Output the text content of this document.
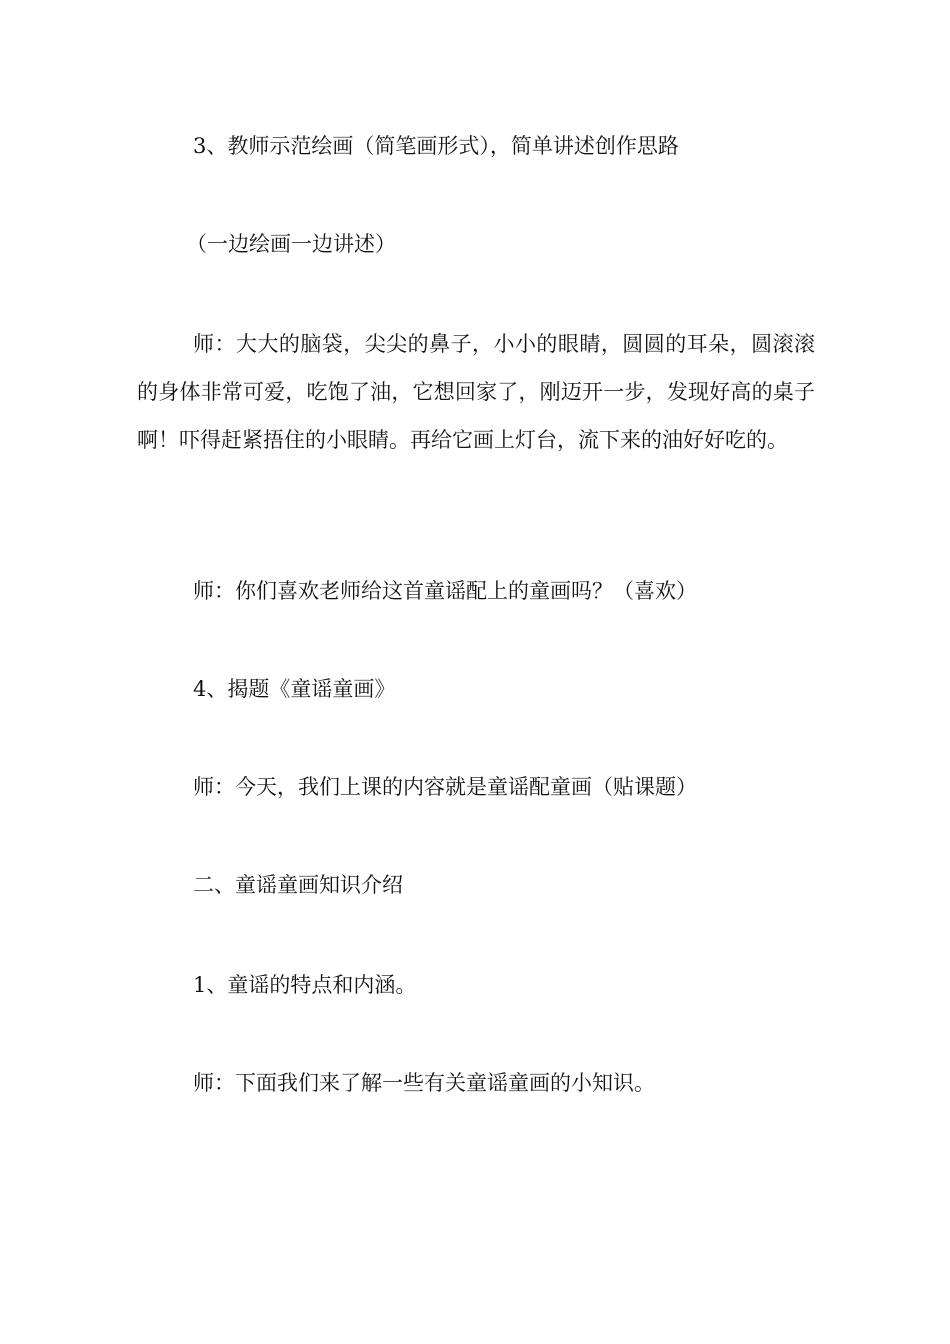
3、教师示范绘画（简笔画形式），简单讲述创作思路

（一边绘画一边讲述）

师：大大的脑袋，尖尖的鼻子，小小的眼睛，圆圆的耳朵，圆滚滚的身体非常可爱，吃饱了油，它想回家了，刚迈开一步，发现好高的桌子啊！吓得赶紧捂住的小眼睛。再给它画上灯台，流下来的油好好吃的。

师：你们喜欢老师给这首童谣配上的童画吗？（喜欢）

4、揭题《童谣童画》

师：今天，我们上课的内容就是童谣配童画（贴课题）

二、童谣童画知识介绍

1、童谣的特点和内涵。

师：下面我们来了解一些有关童谣童画的小知识。
